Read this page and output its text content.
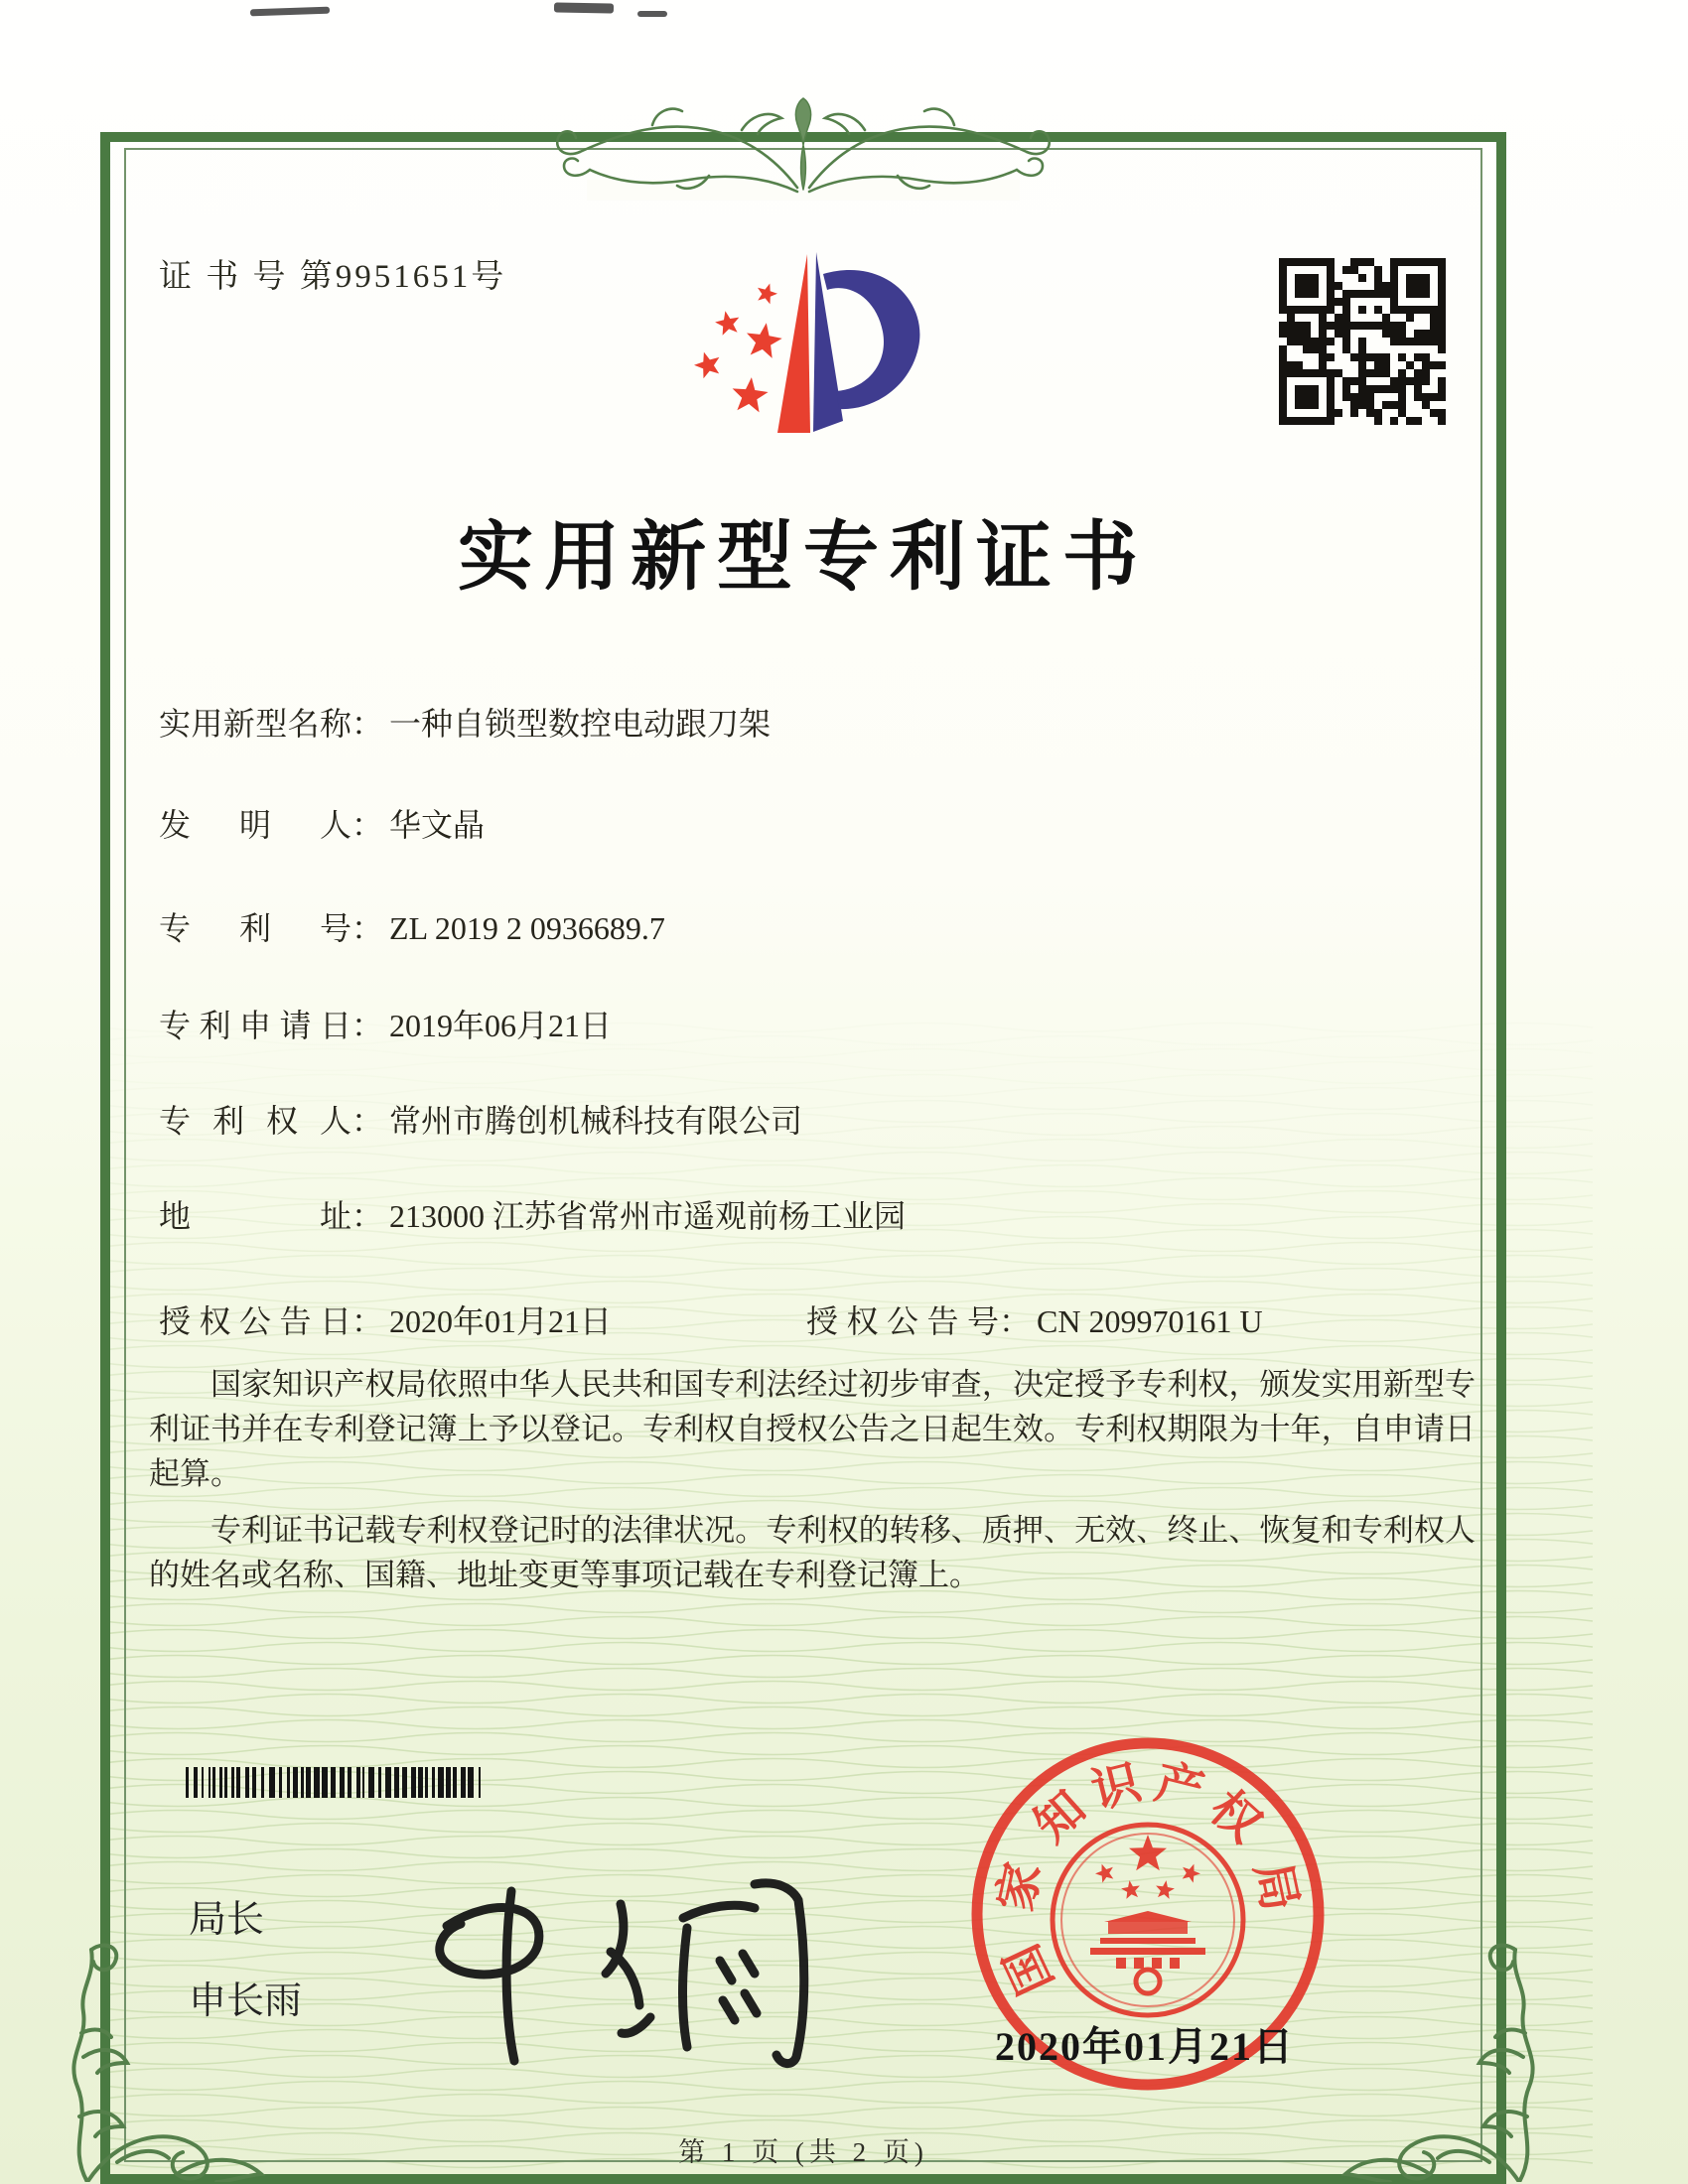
证 书 号 第9951651号
实用新型专利证书
实用新型名称： 一种自锁型数控电动跟刀架
发明人： 华文晶
专利号： ZL 2019 2 0936689.7
专利申请日： 2019年06月21日
专利权人： 常州市腾创机械科技有限公司
地址： 213000 江苏省常州市遥观前杨工业园
授权公告日： 2020年01月21日	授权公告号： CN 209970161 U

国家知识产权局依照中华人民共和国专利法经过初步审查，决定授予专利权，颁发实用新型专利证书并在专利登记簿上予以登记。专利权自授权公告之日起生效。专利权期限为十年，自申请日起算。

专利证书记载专利权登记时的法律状况。专利权的转移、质押、无效、终止、恢复和专利权人的姓名或名称、国籍、地址变更等事项记载在专利登记簿上。

局长
申长雨	国
家
知
识 产
权
局
2020年01月21日
第 1 页 (共 2 页)
